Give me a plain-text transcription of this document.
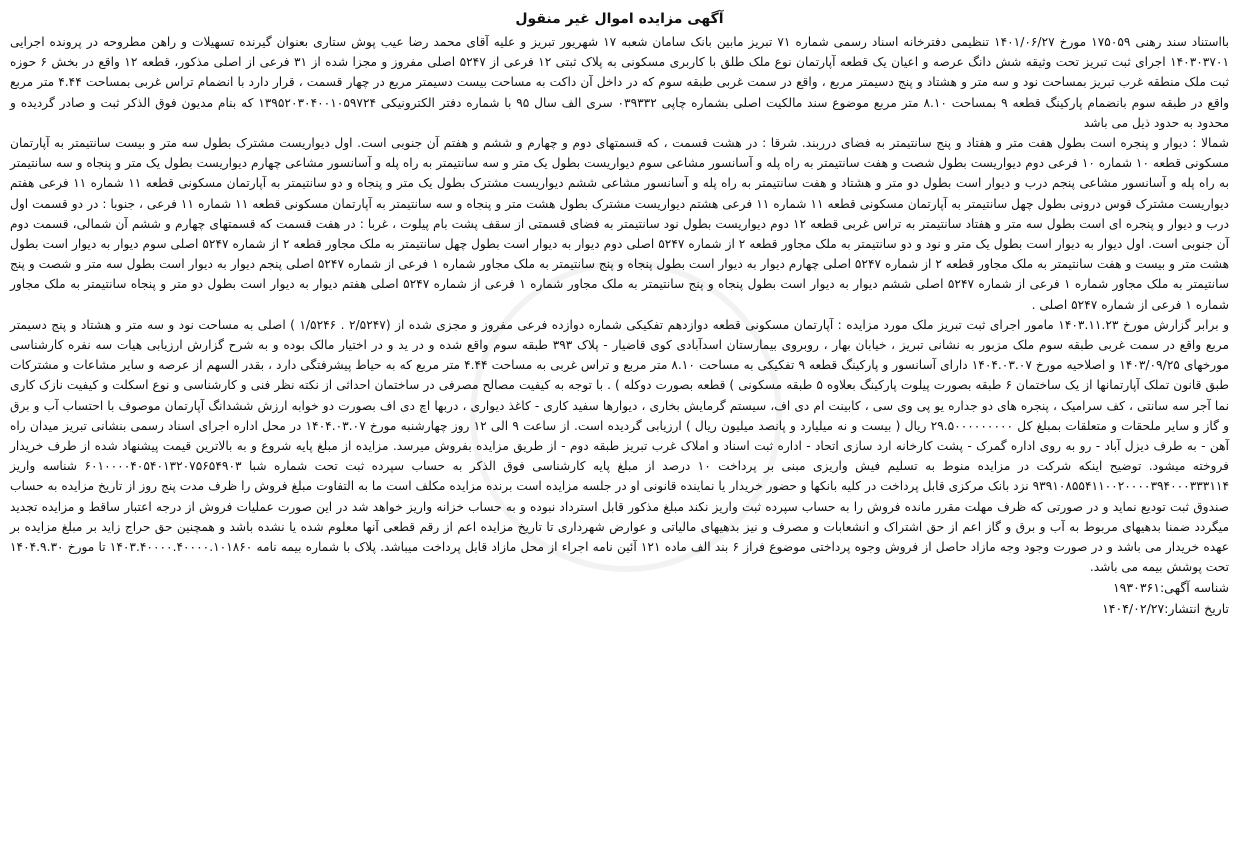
آگهی مزایده اموال غیر منقول

بااستناد سند رهنی ۱۷۵۰۵۹ مورخ ۱۴۰۱/۰۶/۲۷ تنظیمی دفترخانه اسناد رسمی شماره ۷۱ تبریز مابین بانک سامان شعبه ۱۷ شهریور تبریز و علیه آقای محمد رضا عیب پوش ستاری بعنوان گیرنده تسهیلات و راهن مطروحه در پرونده اجرایی ۱۴۰۳۰۳۷۰۱ اجرای ثبت تبریز تحت وثیقه شش دانگ عرصه و اعیان یک قطعه آپارتمان نوع ملک طلق با کاربری مسکونی به پلاک ثبتی ۱۲ فرعی از ۵۲۴۷ اصلی مفروز و مجزا شده از ۳۱ فرعی از اصلی مذکور، قطعه ۱۲ واقع در بخش ۶ حوزه ثبت ملک منطقه غرب تبریز بمساحت نود و سه متر و هشتاد و پنج دسیمتر مربع ، واقع در سمت غربی طبقه سوم که در داخل آن داکت به مساحت بیست دسیمتر مربع در چهار قسمت ، قرار دارد با انضمام تراس غربی بمساحت ۴.۴۴ متر مربع واقع در طبقه سوم بانضمام پارکینگ قطعه ۹ بمساحت ۸.۱۰ متر مربع موضوع سند مالکیت اصلی بشماره چاپی ۰۳۹۳۳۲ سری الف سال ۹۵ با شماره دفتر الکترونیکی ۱۳۹۵۲۰۳۰۴۰۰۱۰۵۹۷۲۴ که بنام مدیون فوق الذکر ثبت و صادر گردیده و محدود به حدود ذیل می باشد

شمالا : دیوار و پنجره است بطول هفت متر و هفتاد و پنج سانتیمتر به فضای درربند. شرقا : در هشت قسمت ، که قسمتهای دوم و چهارم و ششم و هفتم آن جنوبی است. اول دیواریست مشترک بطول سه متر و بیست سانتیمتر به آپارتمان مسکونی قطعه ۱۰ شماره ۱۰ فرعی دوم دیواریست بطول شصت و هفت سانتیمتر به راه پله و آسانسور مشاعی سوم دیواریست بطول یک متر و سه سانتیمتر به راه پله و آسانسور مشاعی چهارم دیواریست بطول یک متر و پنجاه و سه سانتیمتر به راه پله و آسانسور مشاعی پنجم درب و دیوار است بطول دو متر و هشتاد و هفت سانتیمتر به راه پله و آسانسور مشاعی ششم دیواریست مشترک بطول یک متر و پنجاه و دو سانتیمتر به آپارتمان مسکونی قطعه ۱۱ شماره ۱۱ فرعی هفتم دیواریست مشترک قوس درونی بطول چهل سانتیمتر به آپارتمان مسکونی قطعه ۱۱ شماره ۱۱ فرعی هشتم دیواریست مشترک بطول هشت متر و پنجاه و سه سانتیمتر به آپارتمان مسکونی قطعه ۱۱ شماره ۱۱ فرعی ، جنوبا : در دو قسمت اول درب و دیوار و پنجره ای است بطول سه متر و هفتاد سانتیمتر به تراس غربی قطعه ۱۲ دوم دیواریست بطول نود سانتیمتر به فضای قسمتی از سقف پشت بام پیلوت ، غربا : در هفت قسمت که قسمتهای چهارم و ششم آن شمالی، قسمت دوم آن جنوبی است. اول دیوار به دیوار است بطول یک متر و نود و دو سانتیمتر به ملک مجاور قطعه ۲ از شماره ۵۲۴۷ اصلی دوم دیوار به دیوار است بطول چهل سانتیمتر به ملک مجاور قطعه ۲ از شماره ۵۲۴۷ اصلی سوم دیوار به دیوار است بطول هشت متر و بیست و هفت سانتیمتر به ملک مجاور قطعه ۲ از شماره ۵۲۴۷ اصلی چهارم دیوار به دیوار است بطول پنجاه و پنج سانتیمتر به ملک مجاور شماره ۱ فرعی از شماره ۵۲۴۷ اصلی پنجم دیوار به دیوار است بطول سه متر و شصت و پنج سانتیمتر به ملک مجاور شماره ۱ فرعی از شماره ۵۲۴۷ اصلی ششم دیوار به دیوار است بطول پنجاه و پنج سانتیمتر به ملک مجاور شماره ۱ فرعی از شماره ۵۲۴۷ اصلی هفتم دیوار به دیوار است بطول دو متر و پنجاه سانتیمتر به ملک مجاور شماره ۱ فرعی از شماره ۵۲۴۷ اصلی .

و برابر گزارش مورخ ۱۴۰۳.۱۱.۲۳ مامور اجرای ثبت تبریز ملک مورد مزایده : آپارتمان مسکونی قطعه دوازدهم تفکیکی شماره دوازده فرعی مفروز و مجزی شده از (۲/۵۲۴۷ . ۱/۵۲۴۶ ) اصلی به مساحت نود و سه متر و هشتاد و پنج دسیمتر مربع واقع در سمت غربی طبقه سوم ملک مزبور به نشانی تبریز ، خیابان بهار ، روبروی بیمارستان اسدآبادی کوی قاضیار - پلاک ۳۹۳ طبقه سوم واقع شده و در ید و در اختیار مالک بوده و به شرح گزارش ارزیابی هیات سه نفره کارشناسی مورخهای ۱۴۰۳/۰۹/۲۵ و اصلاحیه مورخ ۱۴۰۴.۰۳.۰۷ دارای آسانسور و پارکینگ قطعه ۹ تفکیکی به مساحت ۸.۱۰ متر مربع و تراس غربی به مساحت ۴.۴۴ متر مربع که به حیاط پیشرفتگی دارد ، بقدر السهم از عرصه و سایر مشاعات و مشترکات طبق قانون تملک آپارتمانها از یک ساختمان ۶ طبقه بصورت پیلوت پارکینگ بعلاوه ۵ طبقه مسکونی ) قطعه بصورت دوکله ) . با توجه به کیفیت مصالح مصرفی در ساختمان احداثی از نکته نظر فنی و کارشناسی و نوع اسکلت و کیفیت نازک کاری نما آجر سه سانتی ، کف سرامیک ، پنجره های دو جداره یو پی وی سی ، کابینت ام دی اف، سیستم گرمایش بخاری ، دیوارها سفید کاری - کاغذ دیواری ، دربها اچ دی اف بصورت دو خوابه ارزش ششدانگ آپارتمان موصوف با احتساب آب و برق و گاز و سایر ملحقات و متعلقات بمبلغ کل ۲۹.۵۰۰۰۰۰۰۰۰۰ ریال ( بیست و نه میلیارد و پانصد میلیون ریال ) ارزیابی گردیده است. از ساعت ۹ الی ۱۲ روز چهارشنبه مورخ ۱۴۰۴.۰۳.۰۷ در محل اداره اجرای اسناد رسمی بنشانی تبریز میدان راه آهن - به طرف دیزل آباد - رو به روی اداره گمرک - پشت کارخانه ارد سازی اتحاد - اداره ثبت اسناد و املاک غرب تبریز طبقه دوم - از طریق مزایده بفروش میرسد. مزایده از مبلغ پایه شروع و به بالاترین قیمت پیشنهاد شده از طرف خریدار فروخته میشود. توضیح اینکه شرکت در مزایده منوط به تسلیم فیش واریزی مبنی بر پرداخت ۱۰ درصد از مبلغ پایه کارشناسی فوق الذکر به حساب سپرده ثبت تحت شماره شبا ۶۰۱۰۰۰۰۴۰۵۴۰۱۳۲۰۷۵۶۵۴۹۰۳ شناسه واریز ۹۳۹۱۰۸۵۵۴۱۱۰۰۲۰۰۰۰۳۹۴۰۰۰۳۳۳۱۱۴ نزد بانک مرکزی قابل پرداخت در کلیه بانکها و حضور خریدار یا نماینده قانونی او در جلسه مزایده است برنده مزایده مکلف است ما به التفاوت مبلغ فروش را ظرف مدت پنج روز از تاریخ مزایده به حساب صندوق ثبت تودیع نماید و در صورتی که ظرف مهلت مقرر مانده فروش را به حساب سپرده ثبت واریز نکند مبلغ مذکور قابل استرداد نبوده و به حساب خزانه واریز خواهد شد در این صورت عملیات فروش از درجه اعتبار ساقط و مزایده تجدید میگردد ضمنا بدهیهای مربوط به آب و برق و گاز اعم از حق اشتراک و انشعابات و مصرف و نیز بدهیهای مالیاتی و عوارض شهرداری تا تاریخ مزایده اعم از رقم قطعی آنها معلوم شده یا نشده باشد و همچنین حق حراج زاید بر مبلغ مزایده بر عهده خریدار می باشد و در صورت وجود وجه مازاد حاصل از فروش وجوه پرداختی موضوع فراز ۶ بند الف ماده ۱۲۱ آئین نامه اجراء از محل مازاد قابل پرداخت میباشد. پلاک با شماره بیمه نامه ۱۴۰۳.۴۰۰۰۰.۴۰۰۰۰.۱۰۱۸۶۰ تا مورخ ۱۴۰۴.۹.۳۰ تحت پوشش بیمه می باشد.

شناسه آگهی:۱۹۳۰۳۶۱

تاریخ انتشار:۱۴۰۴/۰۲/۲۷
